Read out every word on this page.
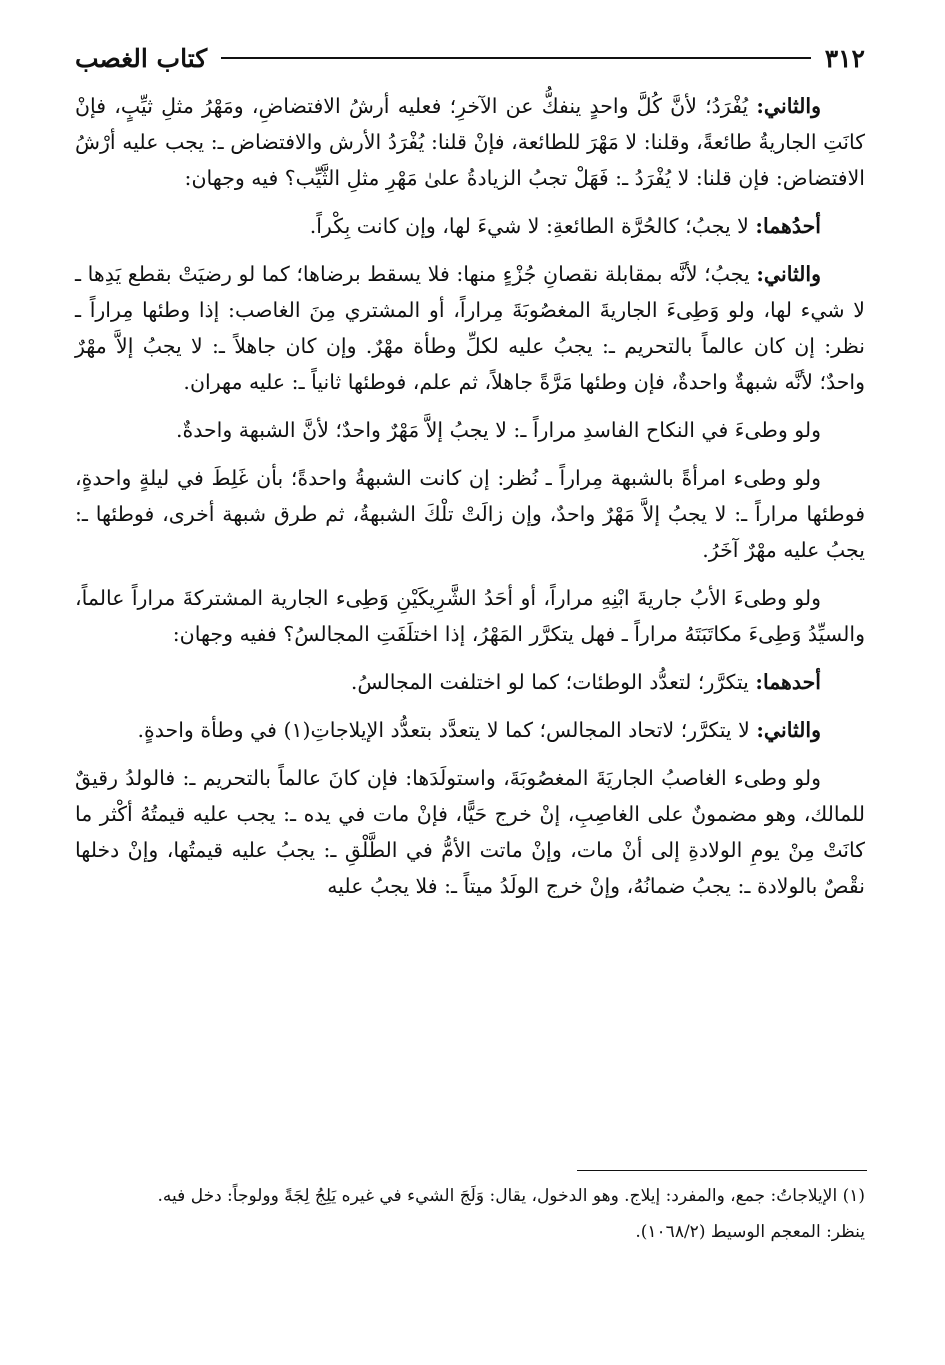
٣١٢
كتاب الغصب

والثاني: يُفْرَدُ؛ لأنَّ كُلَّ واحدٍ ينفكُّ عن الآخرِ؛ فعليه أرشُ الافتضاضِ، ومَهْرُ مثلِ ثيِّبٍ، فإنْ كانَتِ الجاريةُ طائعةً، وقلنا: لا مَهْرَ للطائعة، فإنْ قلنا: يُفْرَدُ الأرش والافتضاض ـ: يجب عليه أرْشُ الافتضاض: فإن قلنا: لا يُفْرَدُ ـ: فَهَلْ تجبُ الزيادةُ علىٰ مَهْرِ مثلِ الثَّيِّب؟ فيه وجهان:

أحدُهما: لا يجبُ؛ كالحُرَّة الطائعةِ: لا شيءَ لها، وإن كانت بِكْراً.

والثاني: يجبُ؛ لأنَّه بمقابلة نقصانِ جُزْءٍ منها: فلا يسقط برضاها؛ كما لو رضيَتْ بقطع يَدِها ـ لا شيء لها، ولو وَطِىءَ الجاريةَ المغصُوبَةَ مِراراً، أو المشتري مِنَ الغاصب: إذا وطئها مِراراً ـ نظر: إن كان عالماً بالتحريم ـ: يجبُ عليه لكلِّ وطأة مهْرٌ. وإن كان جاهلاً ـ: لا يجبُ إلاَّ مهْرٌ واحدٌ؛ لأنَّه شبهةٌ واحدةٌ، فإن وطئها مَرَّةً جاهلاً، ثم علم، فوطئها ثانياً ـ: عليه مهران.

ولو وطىءَ في النكاح الفاسدِ مراراً ـ: لا يجبُ إلاَّ مَهْرٌ واحدٌ؛ لأنَّ الشبهة واحدةٌ.

ولو وطىء امرأةً بالشبهة مِراراً ـ نُظر: إن كانت الشبهةُ واحدةً؛ بأن غَلِطَ في ليلةٍ واحدةٍ، فوطئها مراراً ـ: لا يجبُ إلاَّ مَهْرٌ واحدٌ، وإن زالَتْ تلْكَ الشبهةُ، ثم طرق شبهة أخرى، فوطئها ـ: يجبُ عليه مهْرٌ آخَرُ.

ولو وطىءَ الأبُ جاريةَ ابْنِهِ مراراً، أو أحَدُ الشَّرِيكَيْنِ وَطِىء الجارية المشتركةَ مراراً عالماً، والسيِّدُ وَطِىءَ مكاتَبَتَهُ مراراً ـ فهل يتكرَّر المَهْرُ، إذا اختلَفَتِ المجالسُ؟ ففيه وجهان:

أحدهما: يتكرَّر؛ لتعدُّد الوطئات؛ كما لو اختلفت المجالسُ.

والثاني: لا يتكرَّر؛ لاتحاد المجالس؛ كما لا يتعدَّد بتعدُّد الإيلاجاتِ(١) في وطأة واحدةٍ.

ولو وطىء الغاصبُ الجاريَةَ المغصُوبَةَ، واستولَدَها: فإن كانَ عالماً بالتحريم ـ: فالولدُ رقيقٌ للمالك، وهو مضمونٌ على الغاصِبِ، إنْ خرج حَيًّا، فإنْ مات في يده ـ: يجب عليه قيمتُهُ أكْثر ما كانَتْ مِنْ يومِ الولادةِ إلى أنْ مات، وإنْ ماتت الأمُّ في الطَّلْقِ ـ: يجبُ عليه قيمتُها، وإنْ دخلها نقْصٌ بالولادة ـ: يجبُ ضمانُهُ، وإنْ خرج الولَدُ ميتاً ـ: فلا يجبُ عليه

(١) الإيلاجاتُ: جمع، والمفرد: إيلاج. وهو الدخول، يقال: وَلَجَ الشيء في غيره يَلِجُ لِجَةً وولوجاً: دخل فيه.

ينظر: المعجم الوسيط (١٠٦٨/٢).
